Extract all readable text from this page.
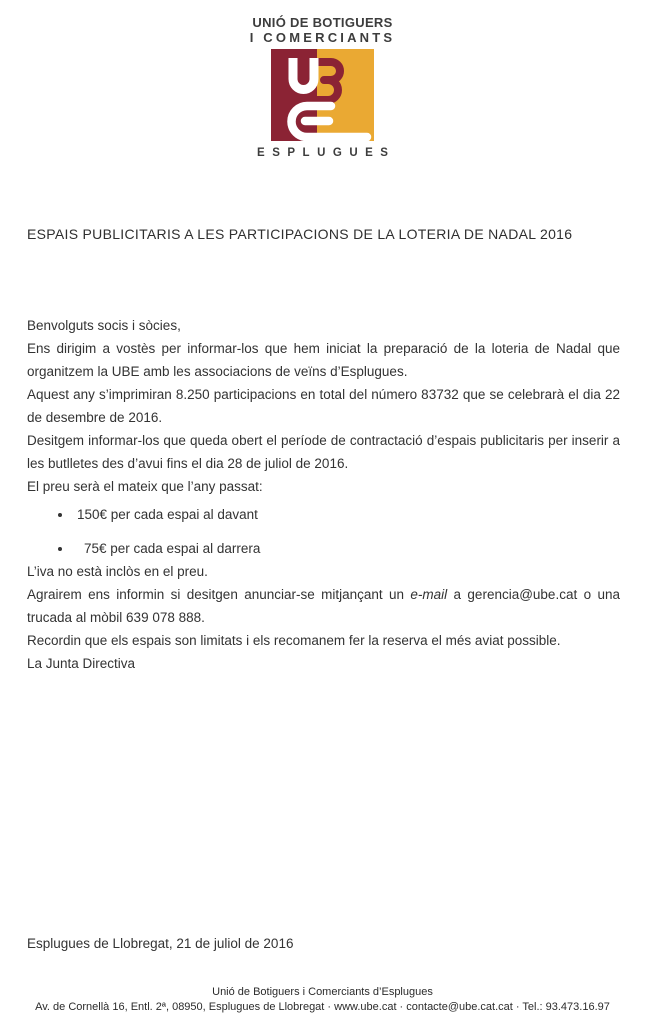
UNIÓ DE BOTIGUERS
I COMERCIANTS
ESPLUGUES
ESPAIS PUBLICITARIS A LES PARTICIPACIONS DE LA LOTERIA DE NADAL 2016

Benvolguts socis i sòcies,

Ens dirigim a vostès per informar-los que hem iniciat la preparació de la loteria de Nadal que organitzem la UBE amb les associacions de veïns d’Esplugues.

Aquest any s’imprimiran 8.250 participacions en total del número 83732 que se celebrarà el dia 22 de desembre de 2016.

Desitgem informar-los que queda obert el període de contractació d’espais publicitaris per inserir a les butlletes des d’avui fins el dia 28 de juliol de 2016.

El preu serà el mateix que l’any passat:

• 150€ per cada espai al davant
• 75€ per cada espai al darrera

L’iva no està inclòs en el preu.

Agrairem ens informin si desitgen anunciar-se mitjançant un e-mail a gerencia@ube.cat o una trucada al mòbil 639 078 888.

Recordin que els espais son limitats i els recomanem fer la reserva el més aviat possible.

La Junta Directiva

Esplugues de Llobregat, 21 de juliol de 2016

Unió de Botiguers i Comerciants d’Esplugues
Av. de Cornellà 16, Entl. 2ª, 08950, Esplugues de Llobregat · www.ube.cat · contacte@ube.cat.cat · Tel.: 93.473.16.97
